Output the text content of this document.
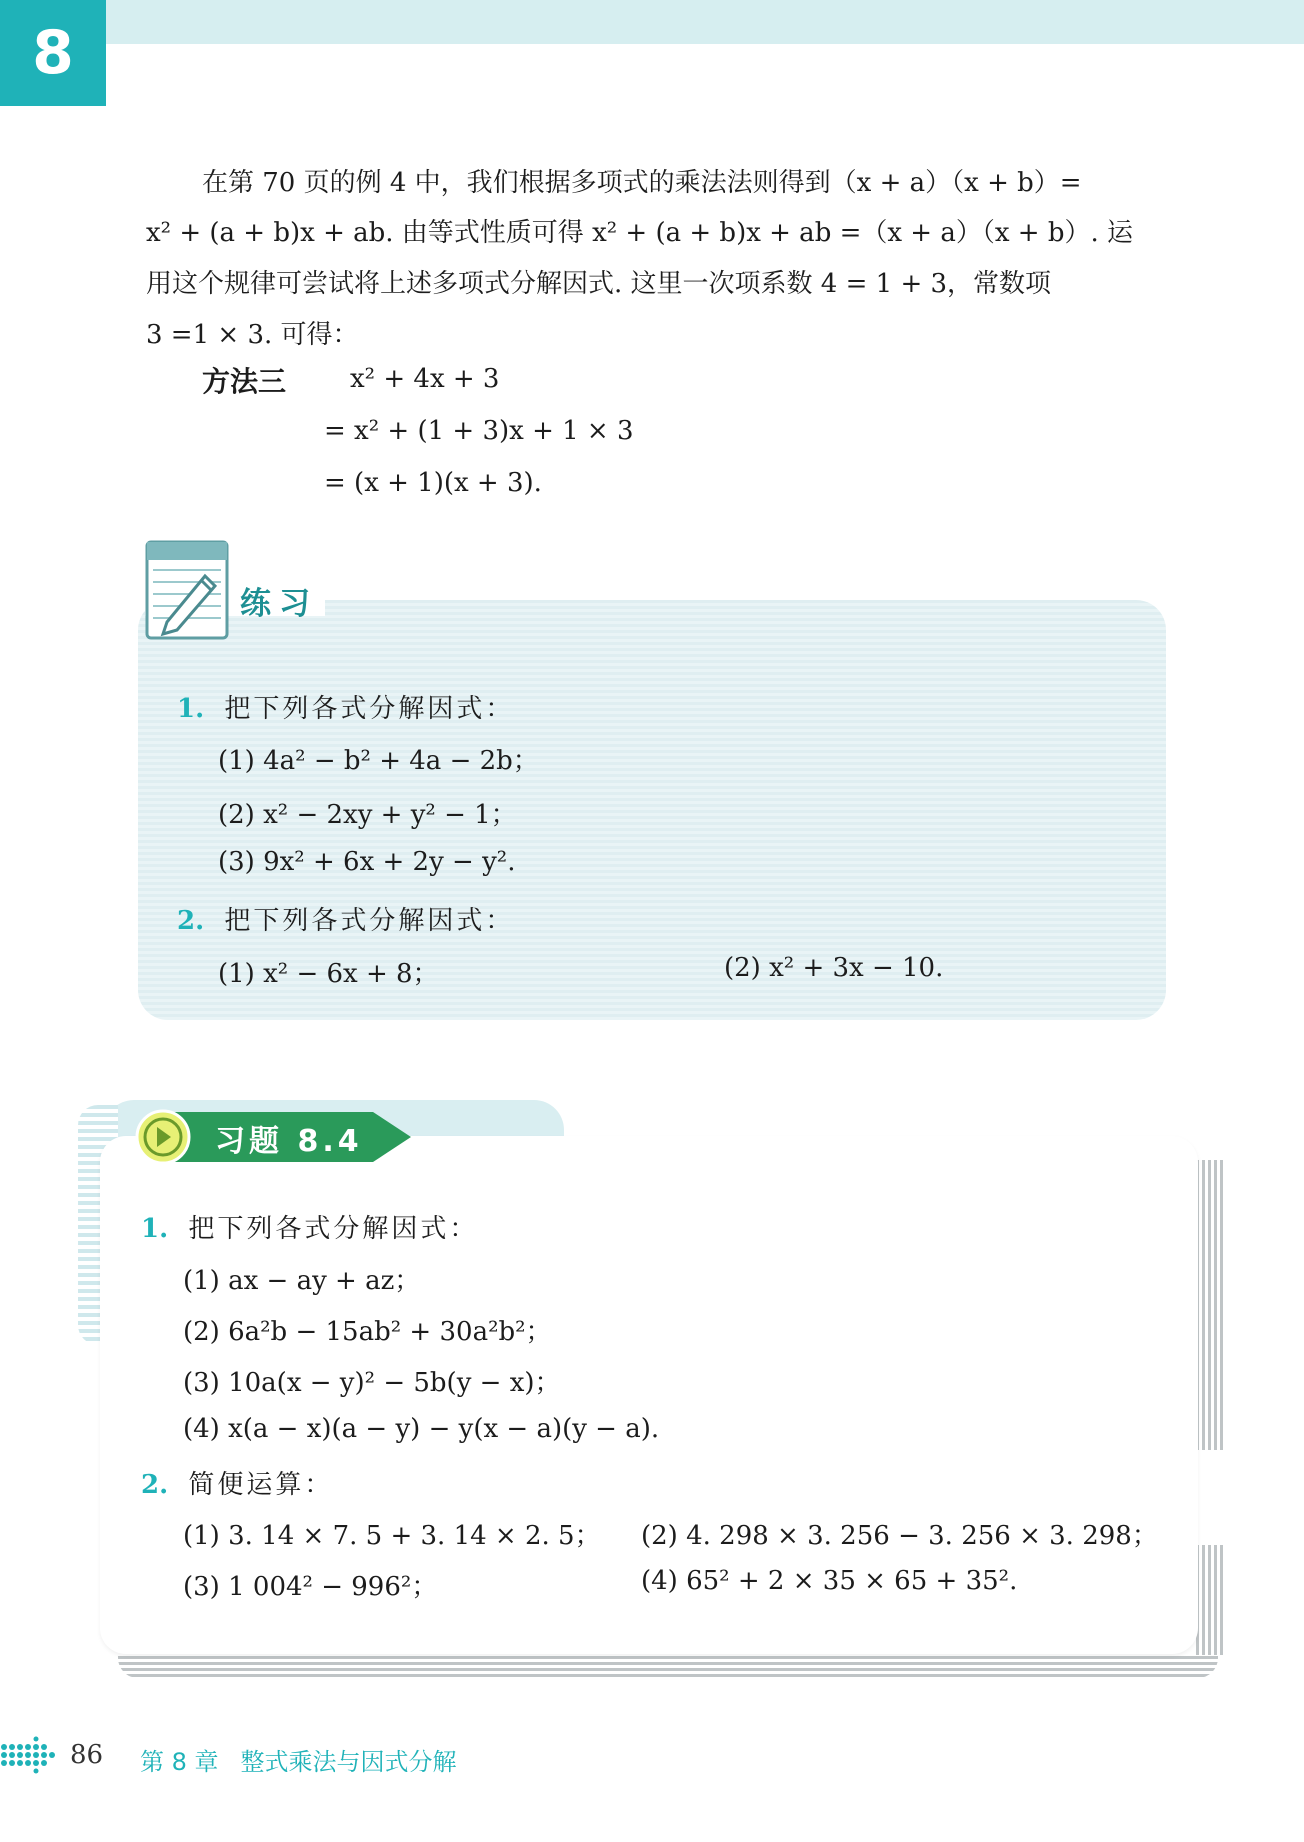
8
在第 70 页的例 4 中，我们根据多项式的乘法法则得到（x + a）（x + b）=
x² + (a + b)x + ab. 由等式性质可得 x² + (a + b)x + ab =（x + a）（x + b）. 运
用这个规律可尝试将上述多项式分解因式. 这里一次项系数 4 = 1 + 3，常数项
3 =1 × 3. 可得：
方法三 x² + 4x + 3
= x² + (1 + 3)x + 1 × 3
= (x + 1)(x + 3).
练习
1. 把下列各式分解因式：
(1) 4a² − b² + 4a − 2b；
(2) x² − 2xy + y² − 1；
(3) 9x² + 6x + 2y − y².
2. 把下列各式分解因式：
(1) x² − 6x + 8；	(2) x² + 3x − 10.
习题 8.4
1. 把下列各式分解因式：
(1) ax − ay + az；
(2) 6a²b − 15ab² + 30a²b²；
(3) 10a(x − y)² − 5b(y − x)；
(4) x(a − x)(a − y) − y(x − a)(y − a).
2. 简便运算：
(1) 3. 14 × 7. 5 + 3. 14 × 2. 5； (2) 4. 298 × 3. 256 − 3. 256 × 3. 298；
(3) 1 004² − 996²；	(4) 65² + 2 × 35 × 65 + 35².
86 第 8 章 整式乘法与因式分解
